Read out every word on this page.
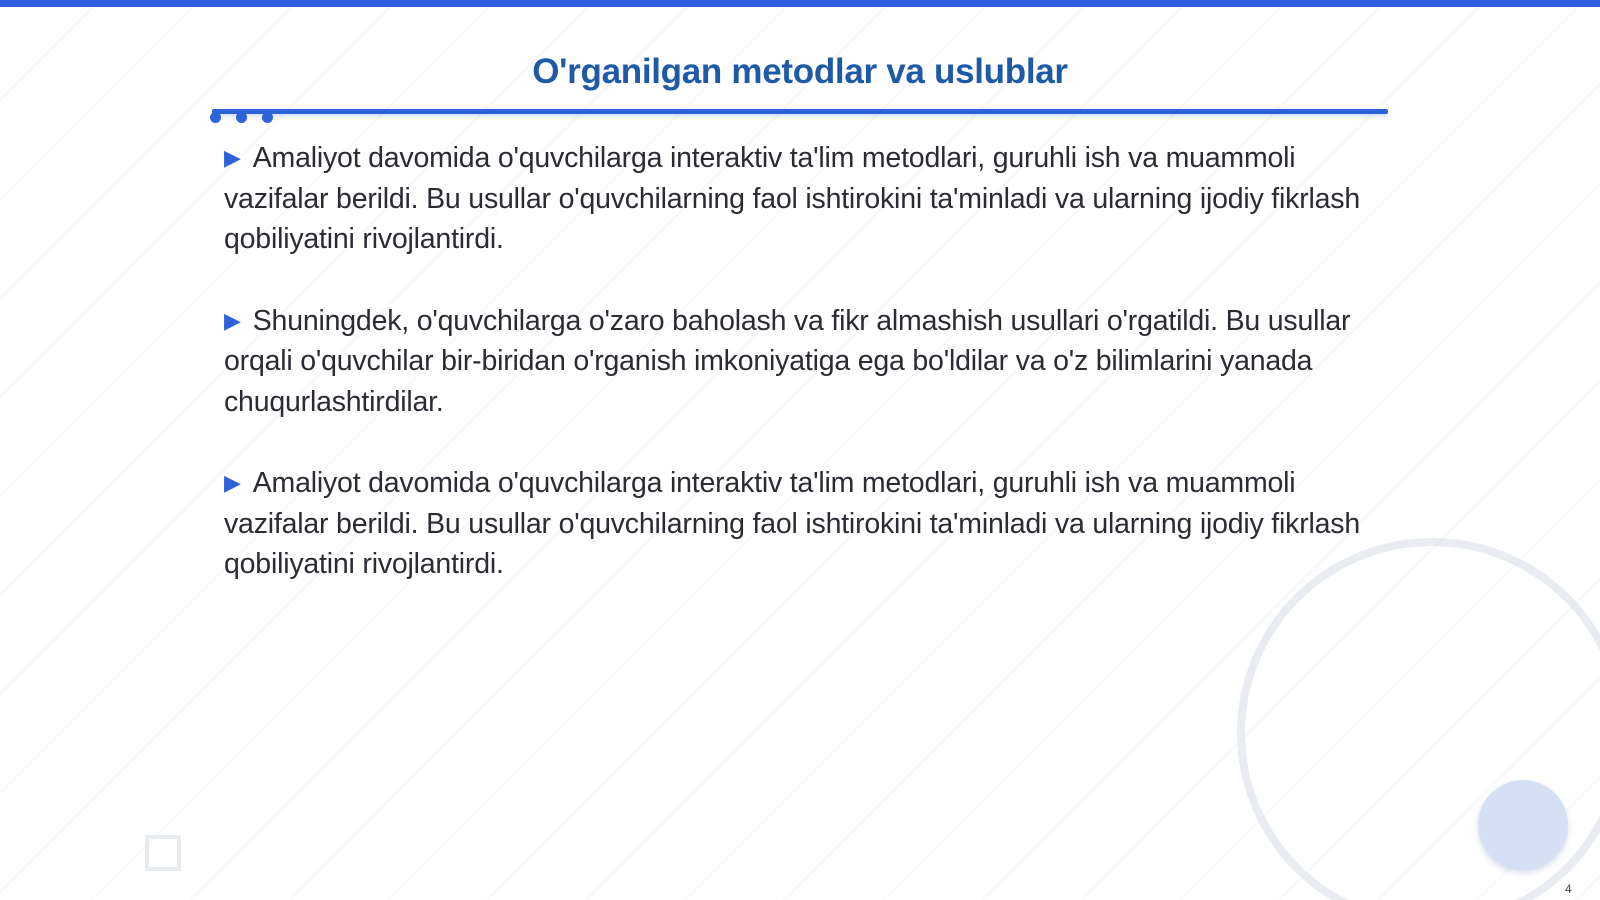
O'rganilgan metodlar va uslublar

▶ Amaliyot davomida o'quvchilarga interaktiv ta'lim metodlari, guruhli ish va muammoli vazifalar berildi. Bu usullar o'quvchilarning faol ishtirokini ta'minladi va ularning ijodiy fikrlash qobiliyatini rivojlantirdi.

▶ Shuningdek, o'quvchilarga o'zaro baholash va fikr almashish usullari o'rgatildi. Bu usullar orqali o'quvchilar bir-biridan o'rganish imkoniyatiga ega bo'ldilar va o'z bilimlarini yanada chuqurlashtirdilar.

▶ Amaliyot davomida o'quvchilarga interaktiv ta'lim metodlari, guruhli ish va muammoli vazifalar berildi. Bu usullar o'quvchilarning faol ishtirokini ta'minladi va ularning ijodiy fikrlash qobiliyatini rivojlantirdi.

4
